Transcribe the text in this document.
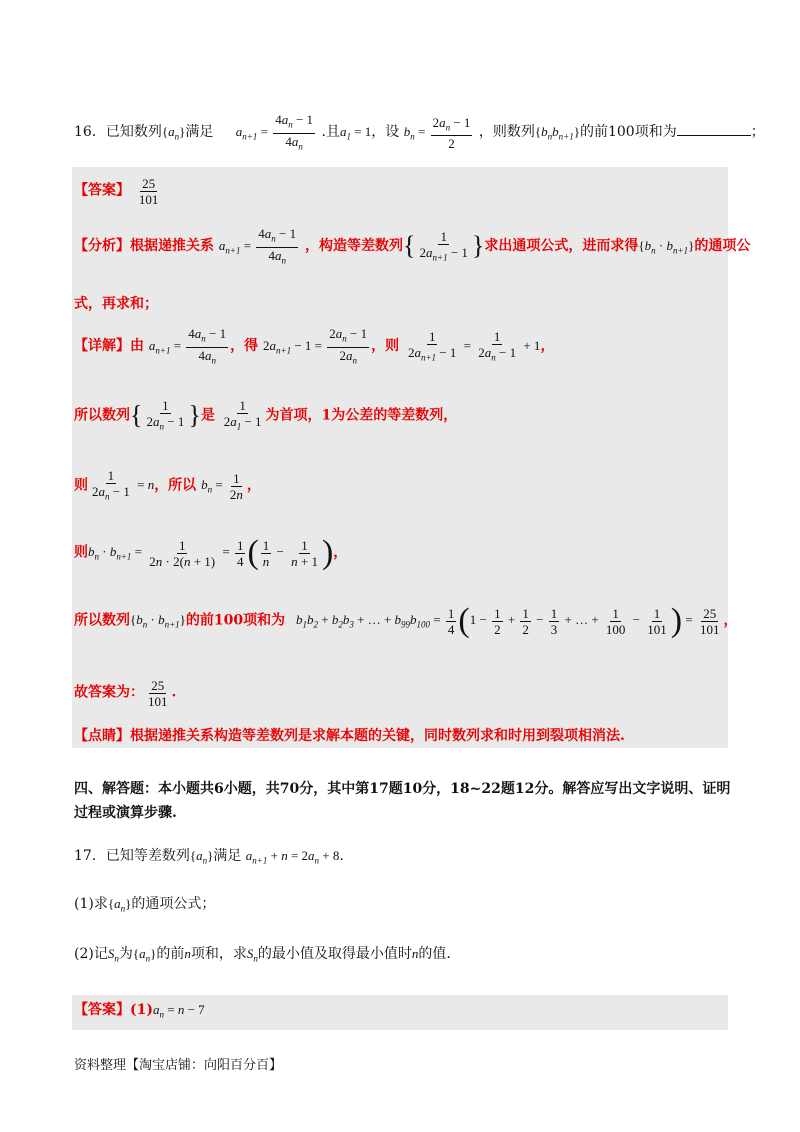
16．已知数列$\{a_n\}$满足 $a_{n+1} = \frac{4a_n - 1}{4a_n}$ .且$a_1 = 1$，设 $b_n = \frac{2a_n - 1}{2}$ ，则数列$\{b_nb_{n+1}\}$的前100项和为	；
【答案】 $\frac{25}{101}$
【分析】根据递推关系 $a_{n+1} = \frac{4a_n - 1}{4a_n}$ ，构造等差数列{ $\frac{1}{2a_{n+1} - 1}$ }求出通项公式，进而求得$\{b_n \cdot b_{n+1}\}$的通项公
式，再求和；
【详解】由 $a_{n+1} = \frac{4a_n - 1}{4a_n}$ ，得 $2a_{n+1} - 1 = \frac{2a_n - 1}{2a_n}$ ，则 $\frac{1}{2a_{n+1} - 1} = \frac{1}{2a_n - 1} + 1$，
所以数列{ $\frac{1}{2a_n - 1}$ }是 $\frac{1}{2a_1 - 1}$ 为首项，1为公差的等差数列，
则 $\frac{1}{2a_n - 1} = n$，所以 $b_n = \frac{1}{2n}$ ，
则$b_n \cdot b_{n+1} = \frac{1}{2n \cdot 2(n + 1)} = \frac{1}{4}$ ( $\frac{1}{n} - \frac{1}{n + 1}$ )，
所以数列$\{b_n \cdot b_{n+1}\}$的前100项和为 $b_1b_2 + b_2b_3$ + … + $b_{99}b_{100} = \frac{1}{4} (1 - \frac{1}{2} + \frac{1}{2} - \frac{1}{3}$ + … + $\frac{1}{100} - \frac{1}{101}$ ) = $\frac{25}{101}$ ，
故答案为： $\frac{25}{101}$ .
【点睛】根据递推关系构造等差数列是求解本题的关键，同时数列求和时用到裂项相消法.
四、解答题：本小题共6小题，共70分，其中第17题10分，18~22题12分。解答应写出文字说明、证明
过程或演算步骤.
17．已知等差数列$\{a_n\}$满足 $a_{n+1} + n = 2a_n + 8$.
(1)求$\{a_n\}$的通项公式；
(2)记$S_n$为$\{a_n\}$的前n项和，求$S_n$的最小值及取得最小值时n的值.
【答案】$(1)a_n = n - 7$
资料整理【淘宝店铺：向阳百分百】
